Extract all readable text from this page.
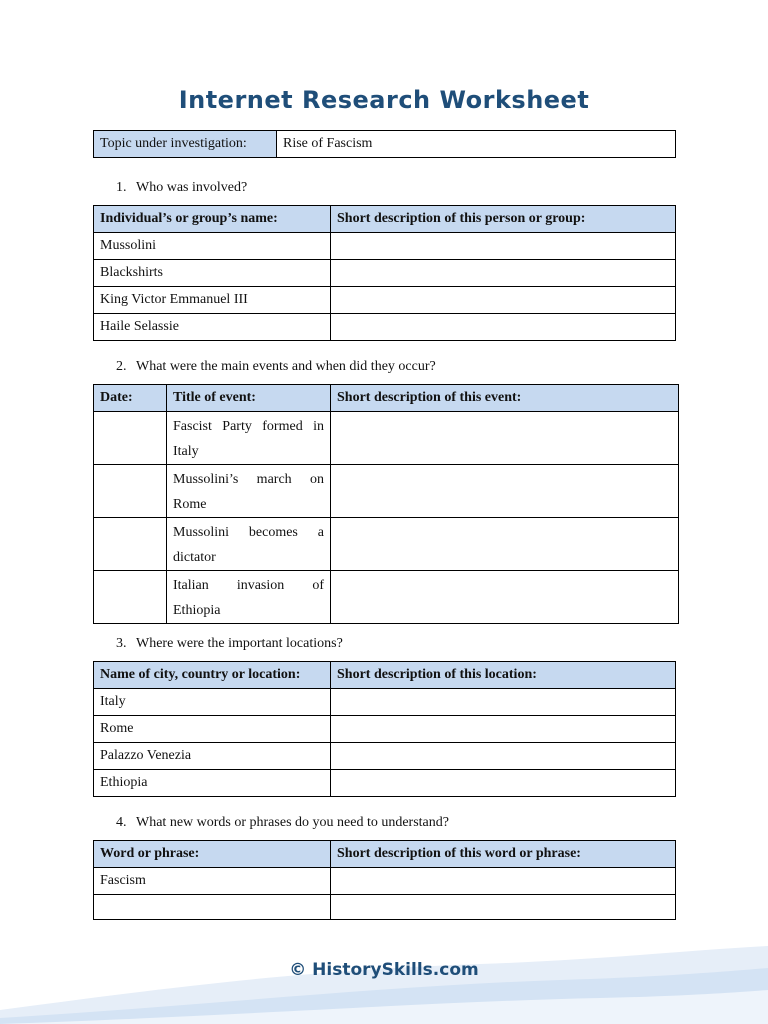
Internet Research Worksheet
Topic under investigation:	Rise of Fascism
1. Who was involved?
Individual’s or group’s name:	Short description of this person or group:
Mussolini	
Blackshirts	
King Victor Emmanuel III	
Haile Selassie	
2. What were the main events and when did they occur?
Date:	Title of event:	Short description of this event:

	Fascist Party formed in
Italy	

	Mussolini’s march on
Rome	

	Mussolini becomes a
dictator	

	Italian invasion of
Ethiopia	

3. Where were the important locations?
Name of city, country or location:	Short description of this location:
Italy	
Rome	
Palazzo Venezia	
Ethiopia	
4. What new words or phrases do you need to understand?
Word or phrase:	Short description of this word or phrase:
Fascism	

© HistorySkills.com
